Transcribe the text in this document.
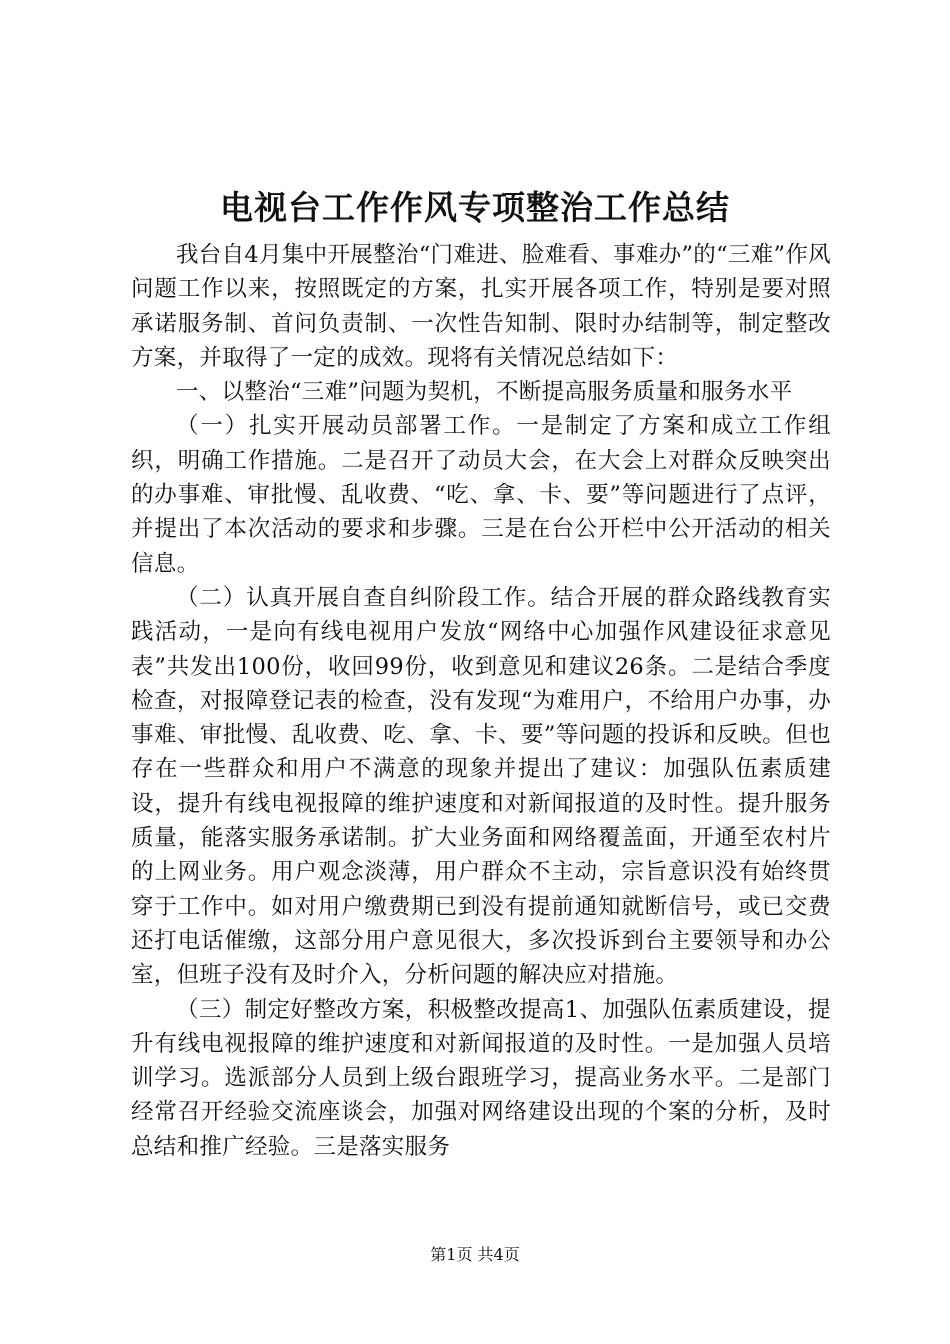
电视台工作作风专项整治工作总结

我台自4月集中开展整治“门难进、脸难看、事难办”的“三难”作风问题工作以来，按照既定的方案，扎实开展各项工作，特别是要对照承诺服务制、首问负责制、一次性告知制、限时办结制等，制定整改方案，并取得了一定的成效。现将有关情况总结如下：

一、以整治“三难”问题为契机，不断提高服务质量和服务水平

（一）扎实开展动员部署工作。一是制定了方案和成立工作组织，明确工作措施。二是召开了动员大会，在大会上对群众反映突出的办事难、审批慢、乱收费、“吃、拿、卡、要”等问题进行了点评，并提出了本次活动的要求和步骤。三是在台公开栏中公开活动的相关信息。

（二）认真开展自查自纠阶段工作。结合开展的群众路线教育实践活动，一是向有线电视用户发放“网络中心加强作风建设征求意见表”共发出100份，收回99份，收到意见和建议26条。二是结合季度检查，对报障登记表的检查，没有发现“为难用户，不给用户办事，办事难、审批慢、乱收费、吃、拿、卡、要”等问题的投诉和反映。但也存在一些群众和用户不满意的现象并提出了建议：加强队伍素质建设，提升有线电视报障的维护速度和对新闻报道的及时性。提升服务质量，能落实服务承诺制。扩大业务面和网络覆盖面，开通至农村片的上网业务。用户观念淡薄，用户群众不主动，宗旨意识没有始终贯穿于工作中。如对用户缴费期已到没有提前通知就断信号，或已交费还打电话催缴，这部分用户意见很大，多次投诉到台主要领导和办公室，但班子没有及时介入，分析问题的解决应对措施。

（三）制定好整改方案，积极整改提高1、加强队伍素质建设，提升有线电视报障的维护速度和对新闻报道的及时性。一是加强人员培训学习。选派部分人员到上级台跟班学习，提高业务水平。二是部门经常召开经验交流座谈会，加强对网络建设出现的个案的分析，及时总结和推广经验。三是落实服务

第1页 共4页
